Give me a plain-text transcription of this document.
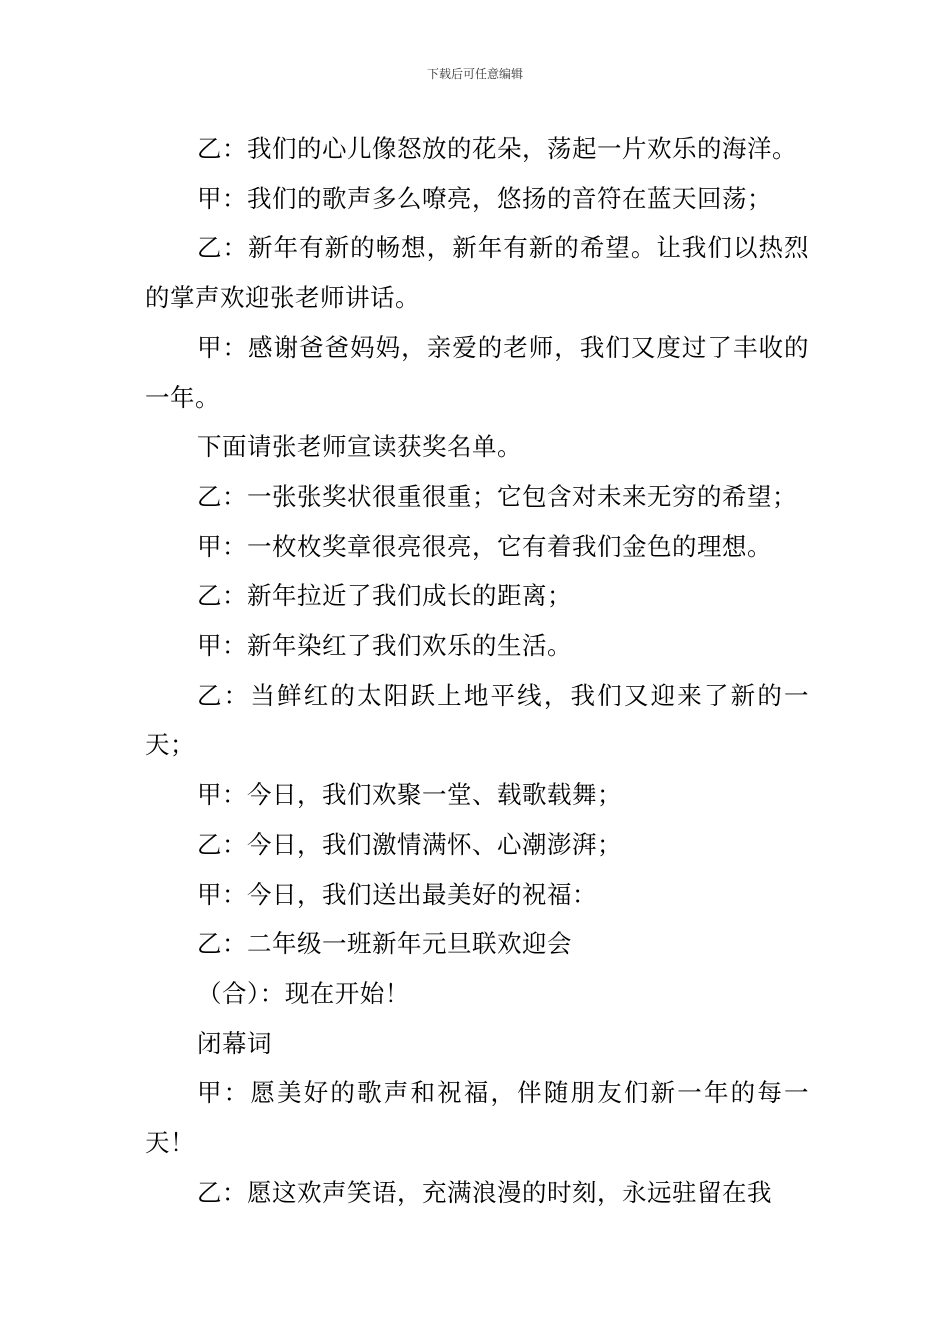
下载后可任意编辑

乙：我们的心儿像怒放的花朵，荡起一片欢乐的海洋。

甲：我们的歌声多么嘹亮，悠扬的音符在蓝天回荡；

乙：新年有新的畅想，新年有新的希望。让我们以热烈的掌声欢迎张老师讲话。

甲：感谢爸爸妈妈，亲爱的老师，我们又度过了丰收的一年。

下面请张老师宣读获奖名单。

乙：一张张奖状很重很重；它包含对未来无穷的希望；

甲：一枚枚奖章很亮很亮，它有着我们金色的理想。

乙：新年拉近了我们成长的距离；

甲：新年染红了我们欢乐的生活。

乙：当鲜红的太阳跃上地平线，我们又迎来了新的一天；

甲：今日，我们欢聚一堂、载歌载舞；

乙：今日，我们激情满怀、心潮澎湃；

甲：今日，我们送出最美好的祝福：

乙：二年级一班新年元旦联欢迎会

（合）：现在开始！

闭幕词

甲：愿美好的歌声和祝福，伴随朋友们新一年的每一天！

乙：愿这欢声笑语，充满浪漫的时刻，永远驻留在我
